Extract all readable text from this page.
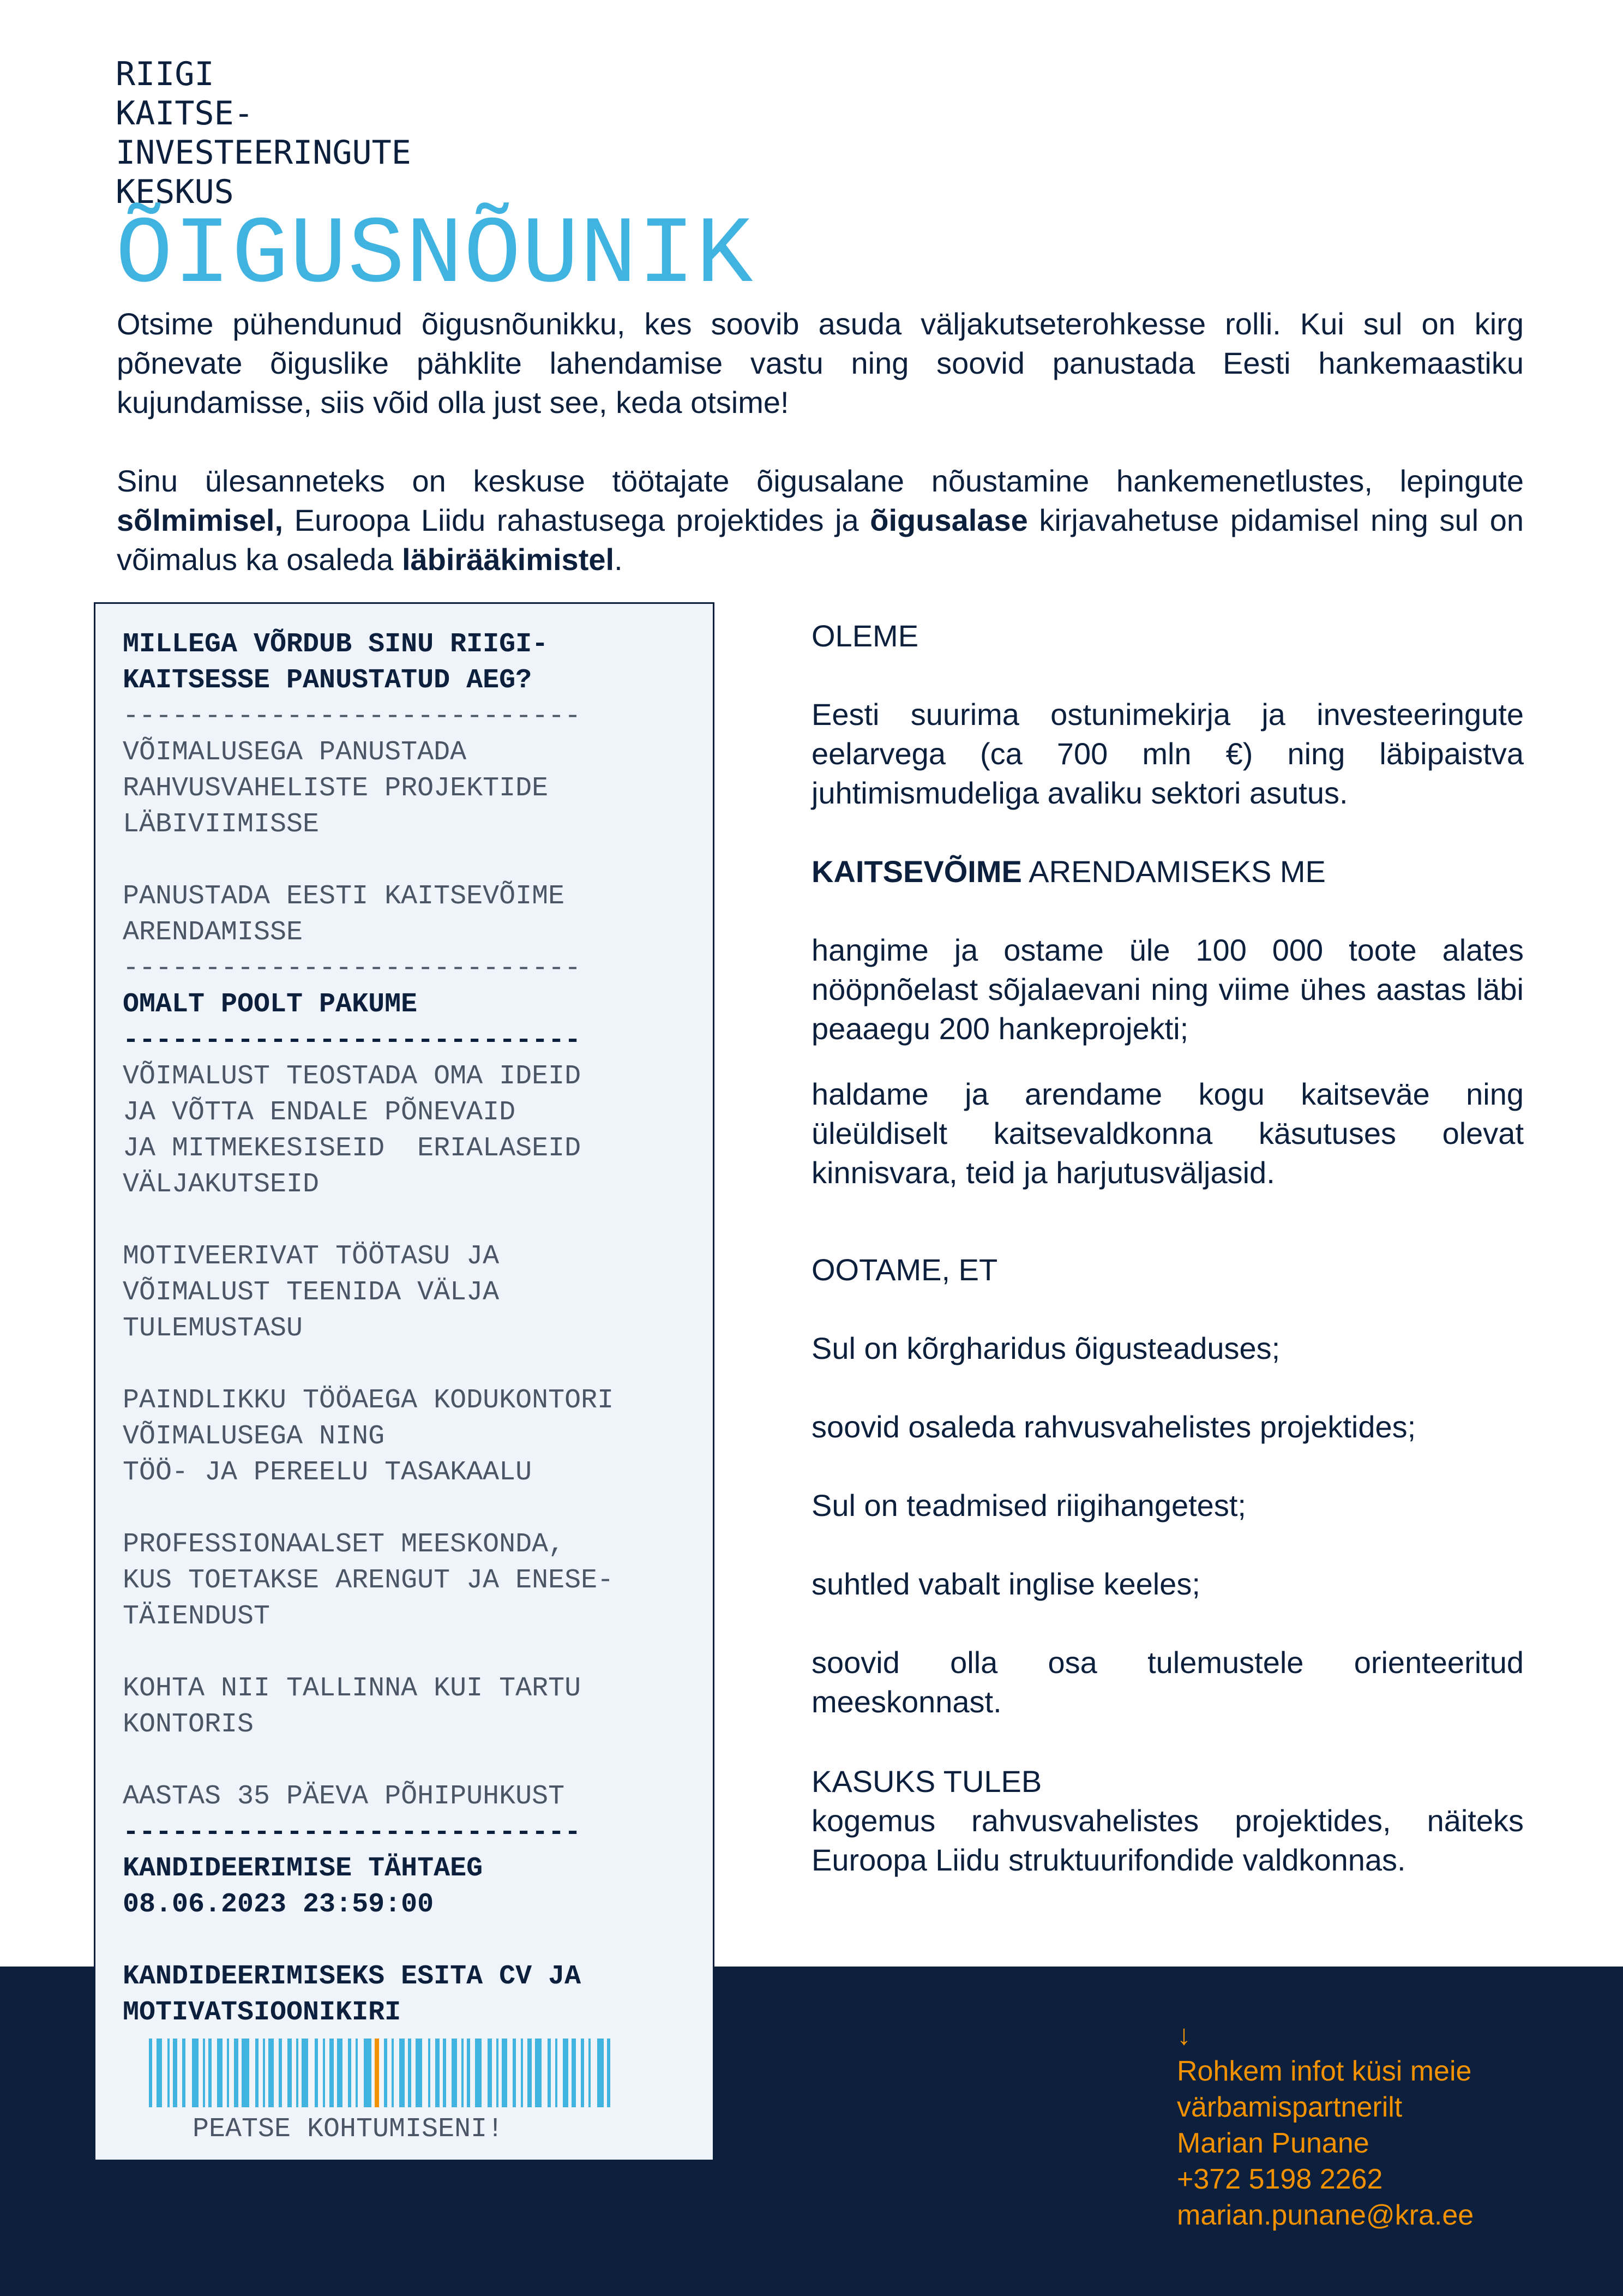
RIIGI
KAITSE-
INVESTEERINGUTE
KESKUS
ÕIGUSNÕUNIK

Otsime pühendunud õigusnõunikku, kes soovib asuda väljakutseterohkesse rolli. Kui sul on kirg põnevate õiguslike pähklite lahendamise vastu ning soovid panustada Eesti hankemaastiku kujundamisse, siis võid olla just see, keda otsime!

Sinu ülesanneteks on keskuse töötajate õigusalane nõustamine hankemenetlustes, lepingute sõlmimisel, Euroopa Liidu rahastusega projektides ja õigusalase kirjavahetuse pidamisel ning sul on võimalus ka osaleda läbirääkimistel.

PEATSE KOHTUMISENI!
MILLEGA VÕRDUB SINU RIIGI-
KAITSESSE PANUSTATUD AEG?
----------------------------
VÕIMALUSEGA PANUSTADA
RAHVUSVAHELISTE PROJEKTIDE
LÄBIVIIMISSE
PANUSTADA EESTI KAITSEVÕIME
ARENDAMISSE
----------------------------
OMALT POOLT PAKUME
----------------------------
VÕIMALUST TEOSTADA OMA IDEID
JA VÕTTA ENDALE PÕNEVAID
JA MITMEKESISEID  ERIALASEID
VÄLJAKUTSEID
MOTIVEERIVAT TÖÖTASU JA
VÕIMALUST TEENIDA VÄLJA
TULEMUSTASU
PAINDLIKKU TÖÖAEGA KODUKONTORI
VÕIMALUSEGA NING
TÖÖ- JA PEREELU TASAKAALU
PROFESSIONAALSET MEESKONDA,
KUS TOETAKSE ARENGUT JA ENESE-
TÄIENDUST
KOHTA NII TALLINNA KUI TARTU
KONTORIS
AASTAS 35 PÄEVA PÕHIPUHKUST
----------------------------
KANDIDEERIMISE TÄHTAEG
08.06.2023 23:59:00
KANDIDEERIMISEKS ESITA CV JA
MOTIVATSIOONIKIRI
OLEME
Eesti suurima ostunimekirja ja investeeringute eelarvega (ca 700 mln €) ning läbipaistva juhtimismudeliga avaliku sektori asutus.
KAITSEVÕIME ARENDAMISEKS ME
hangime ja ostame üle 100 000 toote alates nööpnõelast sõjalaevani ning viime ühes aastas läbi peaaegu 200 hankeprojekti;
haldame ja arendame kogu kaitseväe ning üleüldiselt kaitsevaldkonna käsutuses olevat kinnisvara, teid ja harjutusväljasid.
OOTAME, ET
Sul on kõrgharidus õigusteaduses;
soovid osaleda rahvusvahelistes projektides;
Sul on teadmised riigihangetest;
suhtled vabalt inglise keeles;
soovid olla osa tulemustele orienteeritud meeskonnast.
KASUKS TULEB
kogemus rahvusvahelistes projektides, näiteks Euroopa Liidu struktuurifondide valdkonnas.
↓
Rohkem infot küsi meie
värbamispartnerilt
Marian Punane
+372 5198 2262
marian.punane@kra.ee
